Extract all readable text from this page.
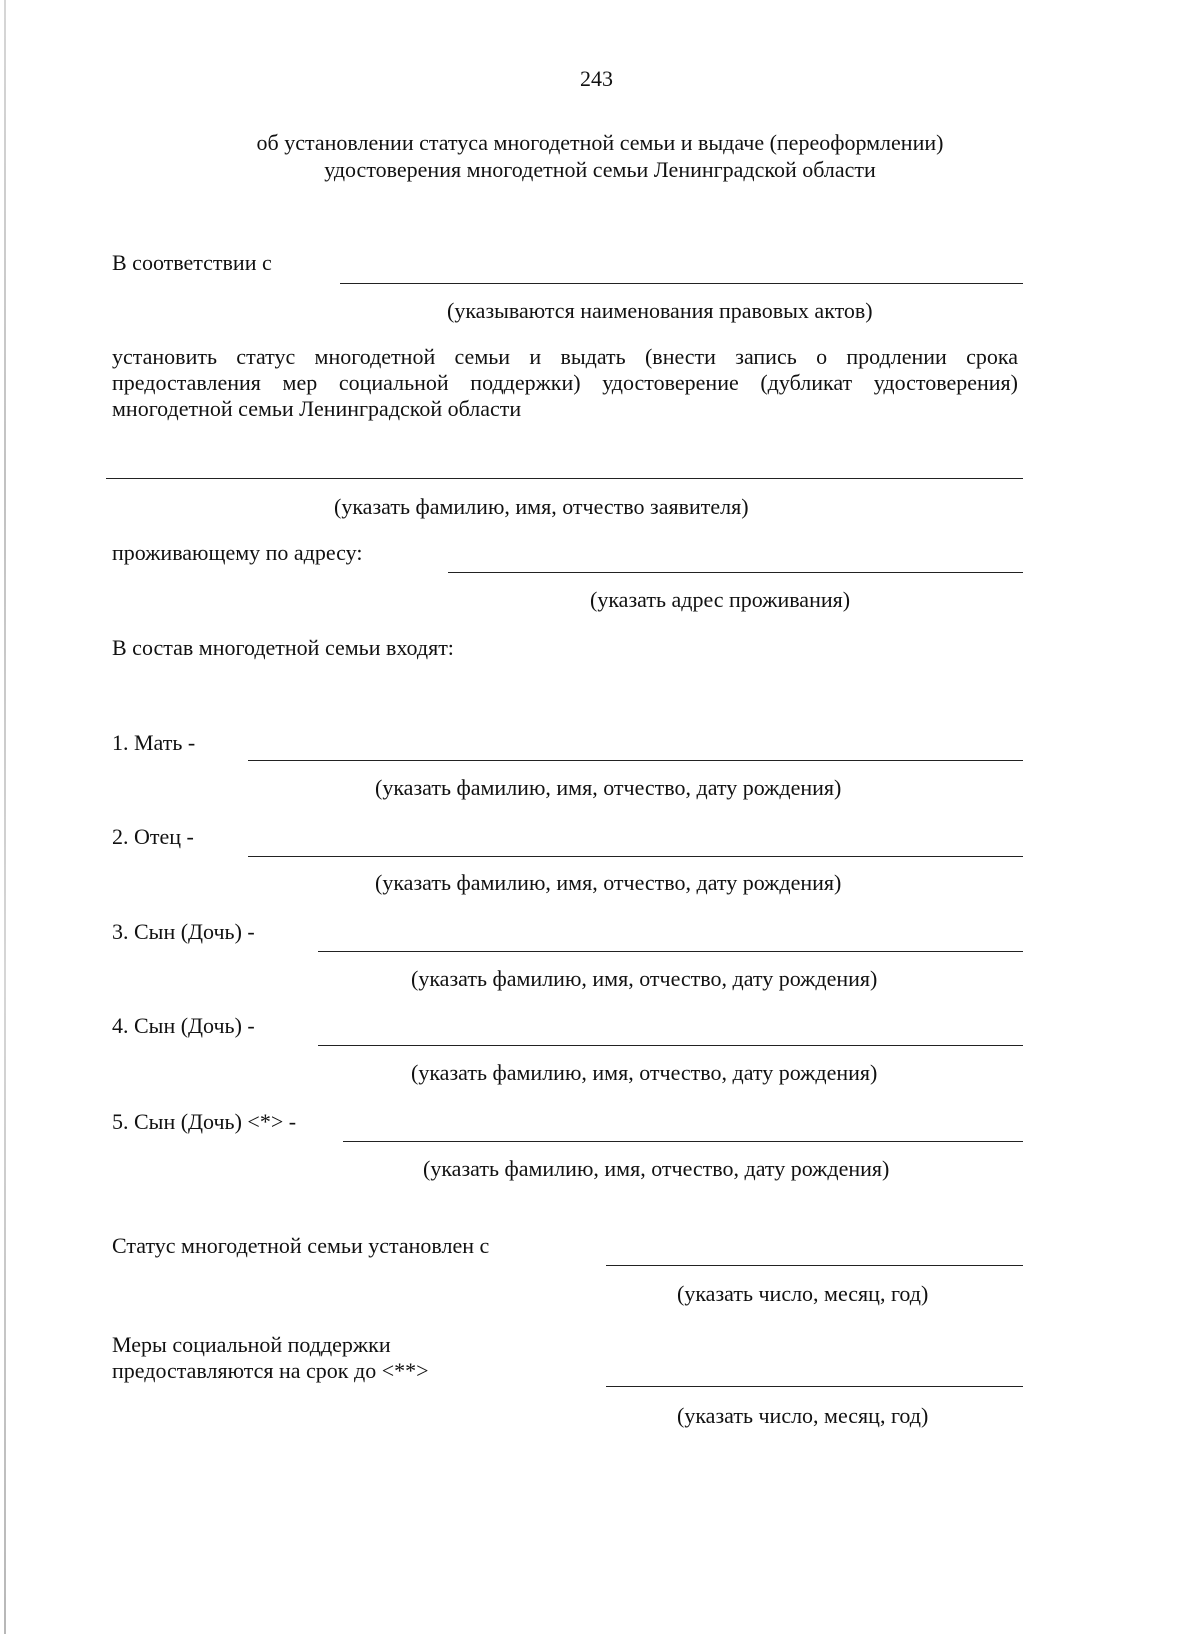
243
об установлении статуса многодетной семьи и выдаче (переоформлении)
удостоверения многодетной семьи Ленинградской области
В соответствии с
(указываются наименования правовых актов)
установить статус многодетной семьи и выдать (внести запись о продлении срока
предоставления мер социальной поддержки) удостоверение (дубликат удостоверения)
многодетной семьи Ленинградской области
(указать фамилию, имя, отчество заявителя)
проживающему по адресу:
(указать адрес проживания)
В состав многодетной семьи входят:
1. Мать -
(указать фамилию, имя, отчество, дату рождения)
2. Отец -
(указать фамилию, имя, отчество, дату рождения)
3. Сын (Дочь) -
(указать фамилию, имя, отчество, дату рождения)
4. Сын (Дочь) -
(указать фамилию, имя, отчество, дату рождения)
5. Сын (Дочь) <*> -
(указать фамилию, имя, отчество, дату рождения)
Статус многодетной семьи установлен с
(указать число, месяц, год)
Меры социальной поддержки
предоставляются на срок до <**>
(указать число, месяц, год)
